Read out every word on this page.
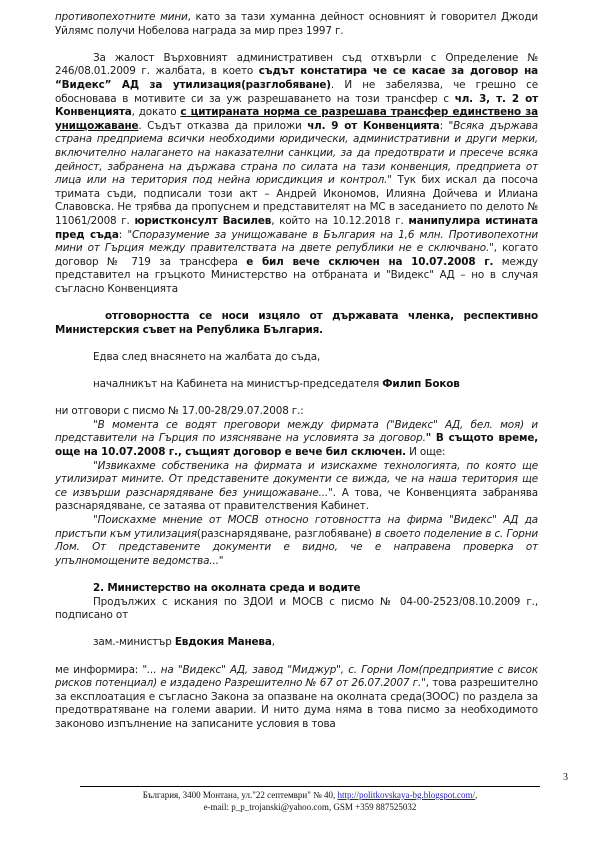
противопехотните мини, като за тази хуманна дейност основният ѝ говорител Джоди Уйлямс получи Нобелова награда за мир през 1997 г.

За жалост Върховният административен съд отхвърли с Определение № 246/08.01.2009 г. жалбата, в което съдът констатира че се касае за договор на “Видекс” АД за утилизация(разглобяване). И не забелязва, че грешно се обосновава в мотивите си за уж разрешаването на този трансфер с чл. 3, т. 2 от Конвенцията, докато с цитираната норма се разрешава трансфер единствено за унищожаване. Съдът отказва да приложи чл. 9 от Конвенцията: "Всяка държава страна предприема всички необходими юридически, административни и други мерки, включително налагането на наказателни санкции, за да предотврати и пресече всяка дейност, забранена на държава страна по силата на тази конвенция, предприета от лица или на територия под нейна юрисдикция и контрол." Тук бих искал да посоча тримата съди, подписали този акт – Андрей Икономов, Илияна Дойчева и Илиана Славовска. Не трябва да пропуснем и представителят на МС в заседанието по делото № 11061/2008 г. юристконсулт Василев, който на 10.12.2018 г. манипулира истината пред съда: "Споразумение за унищожаване в България на 1,6 млн. Противопехотни мини от Гърция между правителствата на двете републики не е сключвано.", когато договор № 719 за трансфера е бил вече сключен на 10.07.2008 г. между представител на гръцкото Министерство на отбраната и "Видекс" АД – но в случая съгласно Конвенцията

отговорността се носи изцяло от държавата членка, респективно Министерския съвет на Република България.

Едва след внасянето на жалбата до съда,

началникът на Кабинета на министър-председателя Филип Боков

ни отговори с писмо № 17.00-28/29.07.2008 г.:

"В момента се водят преговори между фирмата ("Видекс" АД, бел. моя) и представители на Гърция по изясняване на условията за договор." В същото време, още на 10.07.2008 г., същият договор е вече бил сключен. И още:

"Извикахме собственика на фирмата и изискахме технологията, по която ще утилизират мините. От представените документи се вижда, че на наша територия ще се извърши разснарядяване без унищожаване...". А това, че Конвенцията забранява разснарядяване, се затаява от правителствения Кабинет.

"Поискахме мнение от МОСВ относно готовността на фирма "Видекс" АД да пристъпи към утилизация(разснарядяване, разглобяване) в своето поделение в с. Горни Лом. От представените документи е видно, че е направена проверка от упълномощените ведомства..."

2. Министерство на околната среда и водите

Продължих с искания по ЗДОИ и МОСВ с писмо № 04-00-2523/08.10.2009 г., подписано от

зам.-министър Евдокия Манева,

ме информира: "... на "Видекс" АД, завод "Миджур", с. Горни Лом(предприятие с висок рисков потенциал) е издадено Разрешително № 67 от 26.07.2007 г.", това разрешително за експлоатация е съгласно Закона за опазване на околната среда(ЗООС) по раздела за предотвратяване на големи аварии. И нито дума няма в това писмо за необходимото законово изпълнение на записаните условия в това

3
България, 3400 Монтана, ул."22 септември" № 40, http://politkovskaya-bg.blogspot.com/,
e-mail: p_p_trojanski@yahoo.com, GSM +359 887525032
